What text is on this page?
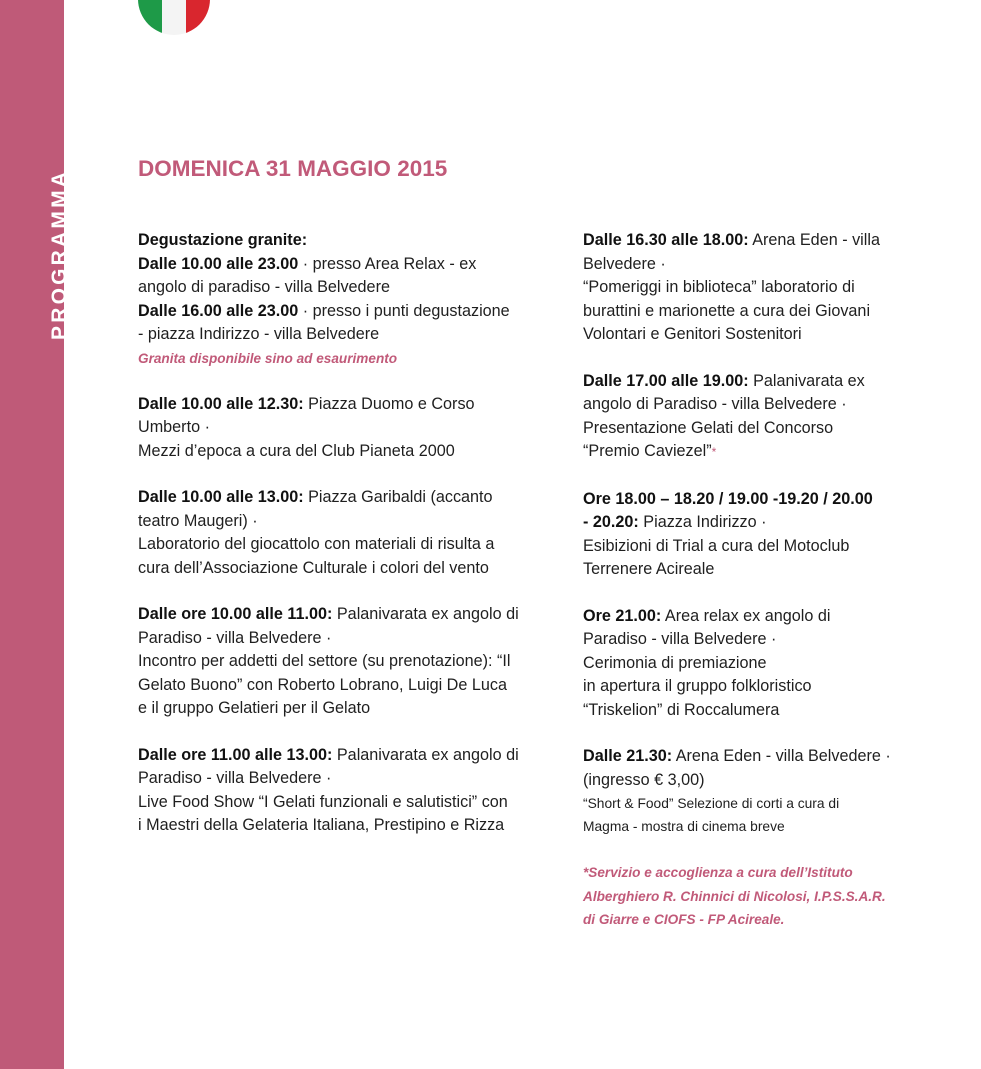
PROGRAMMA
DOMENICA 31 MAGGIO 2015
Degustazione granite:
Dalle 10.00 alle 23.00 · presso Area Relax - ex
angolo di paradiso - villa Belvedere
Dalle 16.00 alle 23.00 · presso i punti degustazione
- piazza Indirizzo - villa Belvedere
Granita disponibile sino ad esaurimento
Dalle 10.00 alle 12.30: Piazza Duomo e Corso
Umberto ·
Mezzi d’epoca a cura del Club Pianeta 2000
Dalle 10.00 alle 13.00: Piazza Garibaldi (accanto
teatro Maugeri) ·
Laboratorio del giocattolo con materiali di risulta a
cura dell’Associazione Culturale i colori del vento
Dalle ore 10.00 alle 11.00: Palanivarata ex angolo di
Paradiso - villa Belvedere ·
Incontro per addetti del settore (su prenotazione): “Il
Gelato Buono” con Roberto Lobrano, Luigi De Luca
e il gruppo Gelatieri per il Gelato
Dalle ore 11.00 alle 13.00: Palanivarata ex angolo di
Paradiso - villa Belvedere ·
Live Food Show “I Gelati funzionali e salutistici” con
i Maestri della Gelateria Italiana, Prestipino e Rizza
Dalle 16.30 alle 18.00: Arena Eden - villa
Belvedere ·
“Pomeriggi in biblioteca” laboratorio di
burattini e marionette a cura dei Giovani
Volontari e Genitori Sostenitori
Dalle 17.00 alle 19.00: Palanivarata ex
angolo di Paradiso - villa Belvedere ·
Presentazione Gelati del Concorso
“Premio Caviezel”*
Ore 18.00 – 18.20 / 19.00 -19.20 / 20.00
- 20.20: Piazza Indirizzo ·
Esibizioni di Trial a cura del Motoclub
Terrenere Acireale
Ore 21.00: Area relax ex angolo di
Paradiso - villa Belvedere ·
Cerimonia di premiazione
in apertura il gruppo folkloristico
“Triskelion” di Roccalumera
Dalle 21.30: Arena Eden - villa Belvedere ·
(ingresso € 3,00)
“Short & Food” Selezione di corti a cura di
Magma - mostra di cinema breve
*Servizio e accoglienza a cura dell’Istituto
Alberghiero R. Chinnici di Nicolosi, I.P.S.S.A.R.
di Giarre e CIOFS - FP Acireale.
